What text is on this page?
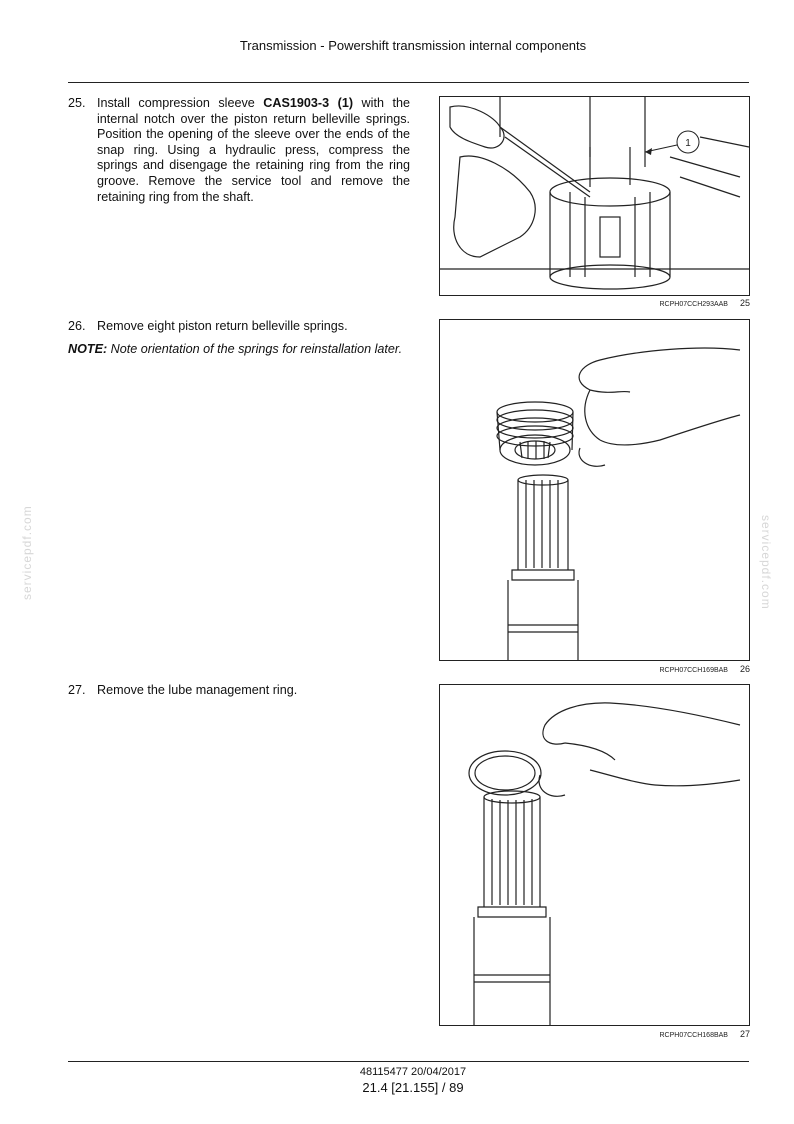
Transmission - Powershift transmission internal components
25. Install compression sleeve CAS1903-3 (1) with the internal notch over the piston return belleville springs. Position the opening of the sleeve over the ends of the snap ring. Using a hydraulic press, compress the springs and disengage the retaining ring from the ring groove. Remove the service tool and remove the retaining ring from the shaft.
1
RCPH07CCH293AAB 25
26. Remove eight piston return belleville springs.
NOTE: Note orientation of the springs for reinstallation later.
RCPH07CCH169BAB 26
27. Remove the lube management ring.
RCPH07CCH168BAB 27
servicepdf.com	servicepdf.com
48115477 20/04/2017
21.4 [21.155] / 89
